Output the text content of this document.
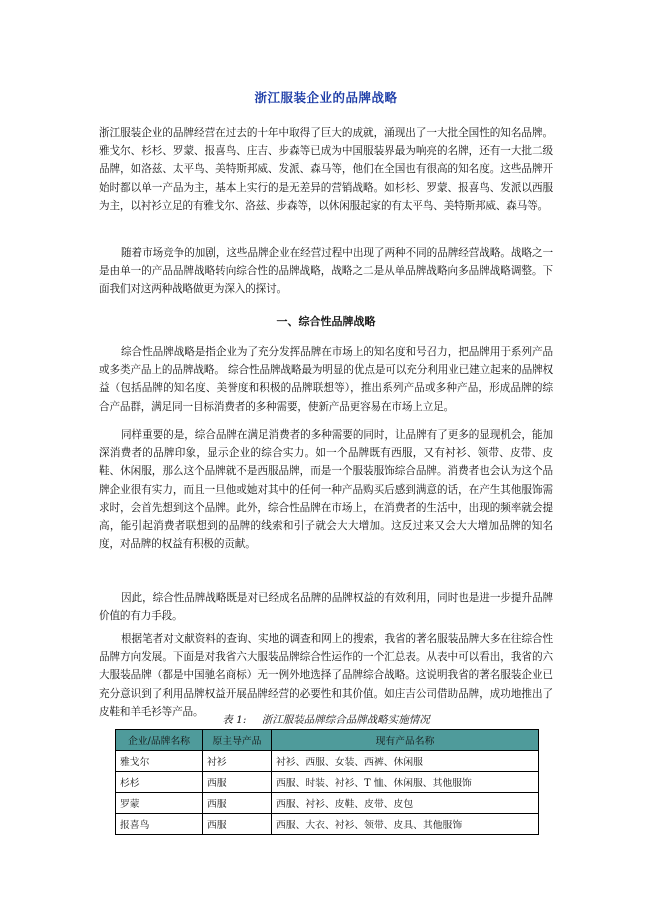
浙江服装企业的品牌战略

浙江服装企业的品牌经营在过去的十年中取得了巨大的成就，涌现出了一大批全国性的知名品牌。雅戈尔、杉杉、罗蒙、报喜鸟、庄吉、步森等已成为中国服装界最为响亮的名牌，还有一大批二级品牌，如洛兹、太平鸟、美特斯邦威、发派、森马等，他们在全国也有很高的知名度。这些品牌开始时都以单一产品为主，基本上实行的是无差异的营销战略。如杉杉、罗蒙、报喜鸟、发派以西服为主，以衬衫立足的有雅戈尔、洛兹、步森等，以休闲服起家的有太平鸟、美特斯邦威、森马等。

随着市场竞争的加剧，这些品牌企业在经营过程中出现了两种不同的品牌经营战略。战略之一是由单一的产品品牌战略转向综合性的品牌战略，战略之二是从单品牌战略向多品牌战略调整。下面我们对这两种战略做更为深入的探讨。

一、综合性品牌战略

综合性品牌战略是指企业为了充分发挥品牌在市场上的知名度和号召力，把品牌用于系列产品或多类产品上的品牌战略。 综合性品牌战略最为明显的优点是可以充分利用业已建立起来的品牌权益（包括品牌的知名度、美誉度和积极的品牌联想等），推出系列产品或多种产品，形成品牌的综合产品群，满足同一目标消费者的多种需要，使新产品更容易在市场上立足。

同样重要的是，综合品牌在满足消费者的多种需要的同时，让品牌有了更多的显现机会，能加深消费者的品牌印象，显示企业的综合实力。如一个品牌既有西服，又有衬衫、领带、皮带、皮鞋、休闲服，那么这个品牌就不是西服品牌，而是一个服装服饰综合品牌。消费者也会认为这个品牌企业很有实力，而且一旦他或她对其中的任何一种产品购买后感到满意的话，在产生其他服饰需求时，会首先想到这个品牌。此外，综合性品牌在市场上，在消费者的生活中，出现的频率就会提高，能引起消费者联想到的品牌的线索和引子就会大大增加。这反过来又会大大增加品牌的知名度，对品牌的权益有积极的贡献。

因此，综合性品牌战略既是对已经成名品牌的品牌权益的有效利用，同时也是进一步提升品牌价值的有力手段。

根据笔者对文献资料的查询、实地的调查和网上的搜索，我省的著名服装品牌大多在往综合性品牌方向发展。下面是对我省六大服装品牌综合性运作的一个汇总表。从表中可以看出，我省的六大服装品牌（都是中国驰名商标）无一例外地选择了品牌综合战略。这说明我省的著名服装企业已充分意识到了利用品牌权益开展品牌经营的必要性和其价值。如庄吉公司借助品牌，成功地推出了皮鞋和羊毛衫等产品。

表 1: 浙江服装品牌综合品牌战略实施情况
企业/品牌名称	原主导产品	现有产品名称
雅戈尔	衬衫	衬衫、西服、女装、西裤、休闲服
杉杉	西服	西服、时装、衬衫、T 恤、休闲服、其他服饰
罗蒙	西服	西服、衬衫、皮鞋、皮带、皮包
报喜鸟	西服	西服、大衣、衬衫、领带、皮具、其他服饰
